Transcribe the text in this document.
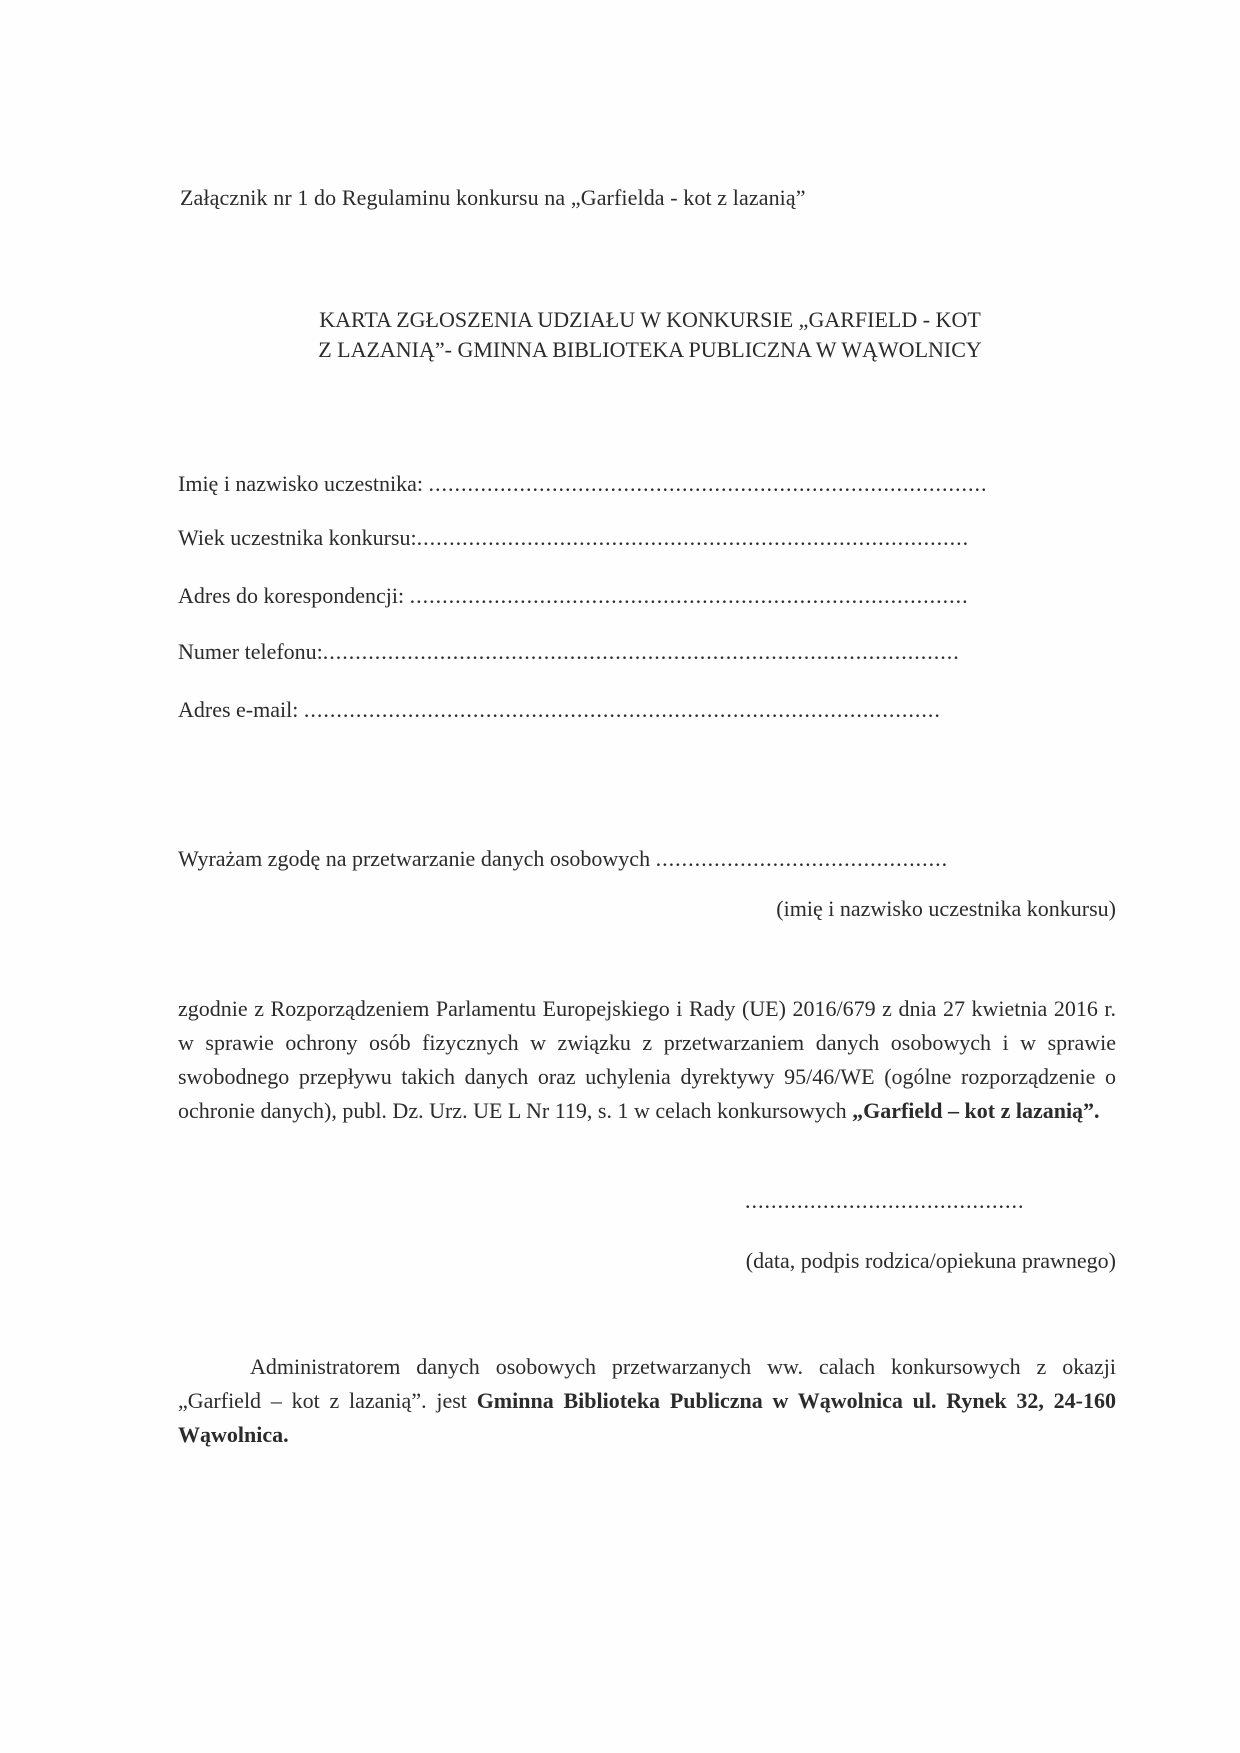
Załącznik nr 1 do Regulaminu konkursu na „Garfielda - kot z lazanią”
KARTA ZGŁOSZENIA UDZIAŁU W KONKURSIE „GARFIELD - KOT
Z LAZANIĄ”- GMINNA BIBLIOTEKA PUBLICZNA W WĄWOLNICY
Imię i nazwisko uczestnika: ......................................................................................
Wiek uczestnika konkursu:.....................................................................................
Adres do korespondencji: ......................................................................................
Numer telefonu:..................................................................................................
Adres e-mail: ..................................................................................................
Wyrażam zgodę na przetwarzanie danych osobowych .............................................
(imię i nazwisko uczestnika konkursu)
zgodnie z Rozporządzeniem Parlamentu Europejskiego i Rady (UE) 2016/679 z dnia 27 kwietnia 2016 r. w sprawie ochrony osób fizycznych w związku z przetwarzaniem danych osobowych i w sprawie swobodnego przepływu takich danych oraz uchylenia dyrektywy 95/46/WE (ogólne rozporządzenie o ochronie danych), publ. Dz. Urz. UE L Nr 119, s. 1 w celach konkursowych „Garfield – kot z lazanią”.
...........................................
(data, podpis rodzica/opiekuna prawnego)
Administratorem danych osobowych przetwarzanych ww. calach konkursowych z okazji „Garfield – kot z lazanią”. jest Gminna Biblioteka Publiczna w Wąwolnica ul. Rynek 32, 24-160 Wąwolnica.
